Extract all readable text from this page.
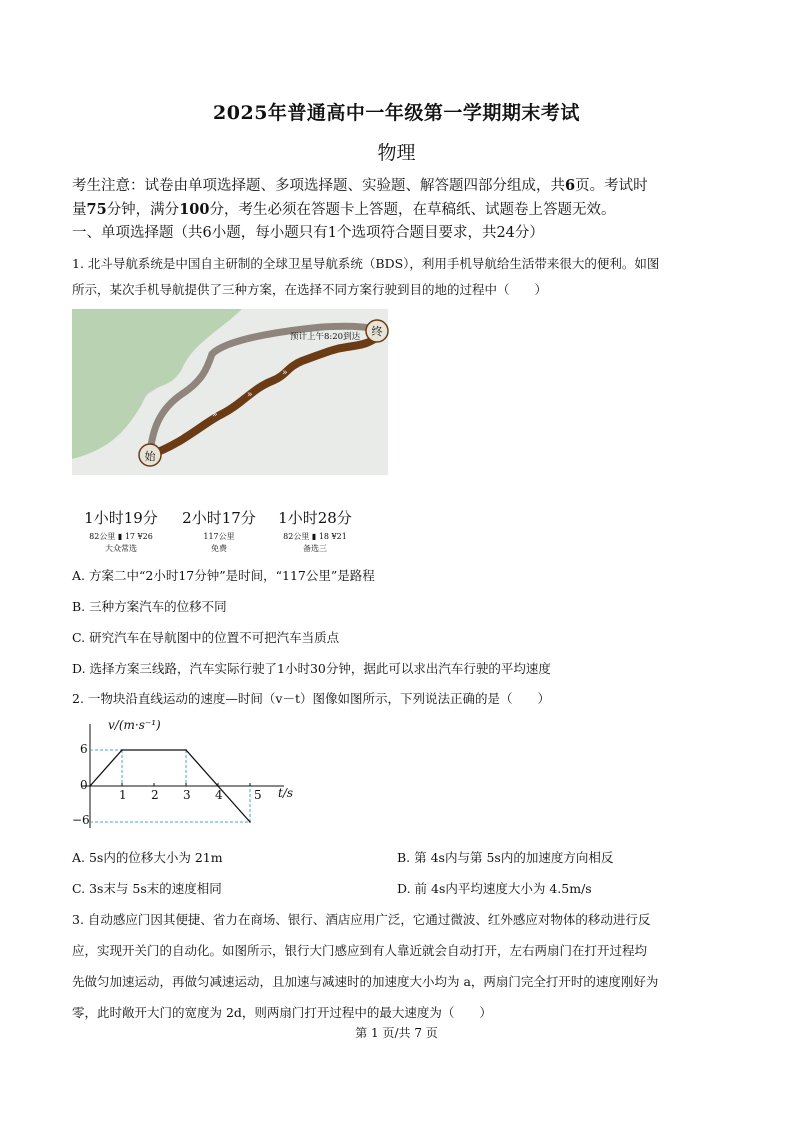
2025年普通高中一年级第一学期期末考试
物理
考生注意：试卷由单项选择题、多项选择题、实验题、解答题四部分组成，共6页。考试时
量75分钟，满分100分，考生必须在答题卡上答题，在草稿纸、试题卷上答题无效。
一、单项选择题（共6小题，每小题只有1个选项符合题目要求，共24分）
1. 北斗导航系统是中国自主研制的全球卫星导航系统（BDS），利用手机导航给生活带来很大的便利。如图
所示，某次手机导航提供了三种方案，在选择不同方案行驶到目的地的过程中（　　）
»
»
»
»
始
终
预计上午8:20到达
1小时19分
82公里 ▮ 17 ¥26
大众常选
2小时17分
117公里
免费
1小时28分
82公里 ▮ 18 ¥21
备选三
A. 方案二中“2小时17分钟”是时间，“117公里”是路程
B. 三种方案汽车的位移不同
C. 研究汽车在导航图中的位置不可把汽车当质点
D. 选择方案三线路，汽车实际行驶了1小时30分钟，据此可以求出汽车行驶的平均速度
2. 一物块沿直线运动的速度—时间（v－t）图像如图所示，下列说法正确的是（　　）
v/(m·s⁻¹)
t/s
6
0
−6
1 2 3 4	5
A. 5s内的位移大小为 21m	B. 第 4s内与第 5s内的加速度方向相反
C. 3s末与 5s末的速度相同	D. 前 4s内平均速度大小为 4.5m/s
3. 自动感应门因其便捷、省力在商场、银行、酒店应用广泛，它通过微波、红外感应对物体的移动进行反
应，实现开关门的自动化。如图所示，银行大门感应到有人靠近就会自动打开，左右两扇门在打开过程均
先做匀加速运动，再做匀减速运动，且加速与减速时的加速度大小均为 a，两扇门完全打开时的速度刚好为
零，此时敞开大门的宽度为 2d，则两扇门打开过程中的最大速度为（　　）
第 1 页/共 7 页
